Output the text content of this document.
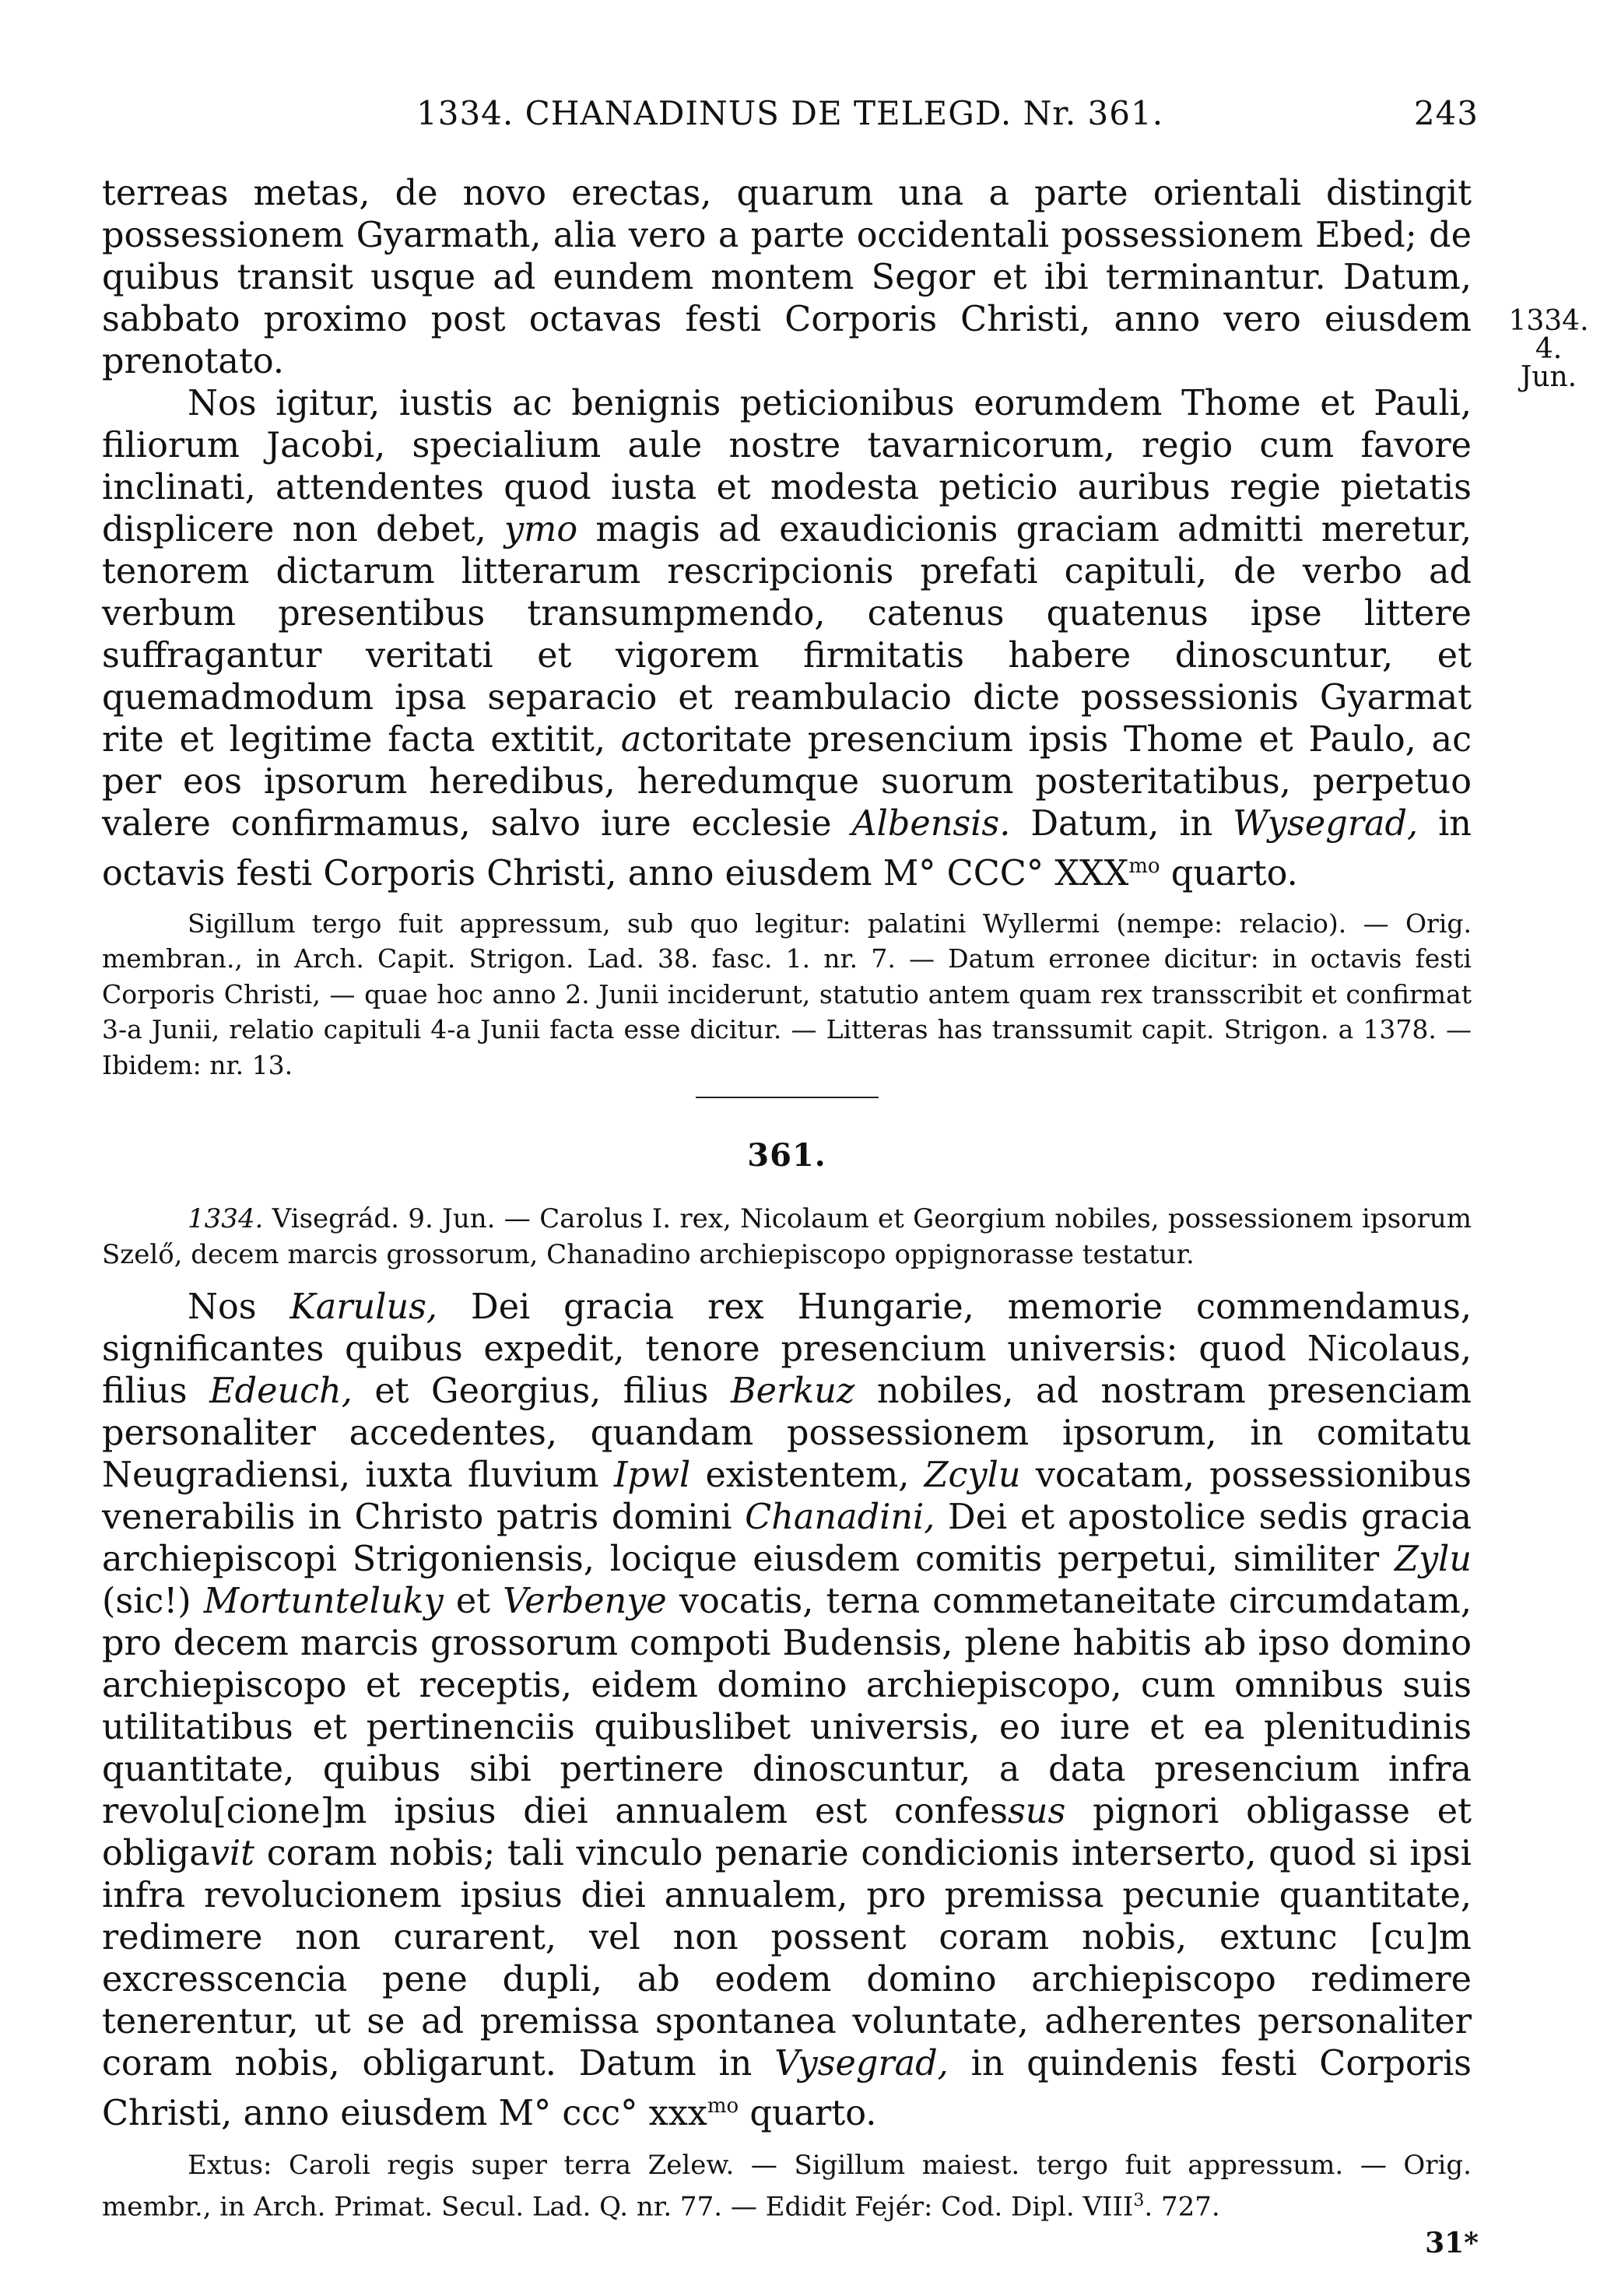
1334. CHANADINUS DE TELEGD. Nr. 361.	243
1334.
4. Jun.

terreas metas, de novo erectas, quarum una a parte orientali distingit possessionem Gyarmath, alia vero a parte occidentali possessionem Ebed; de quibus transit usque ad eundem montem Segor et ibi terminantur. Datum, sabbato proximo post octavas festi Corporis Christi, anno vero eiusdem prenotato.

Nos igitur, iustis ac benignis peticionibus eorumdem Thome et Pauli, filiorum Jacobi, specialium aule nostre tavarnicorum, regio cum favore inclinati, attendentes quod iusta et modesta peticio auribus regie pietatis displicere non debet, ymo magis ad exaudicionis graciam admitti meretur, tenorem dictarum litterarum rescripcionis prefati capituli, de verbo ad verbum presentibus transumpmendo, catenus quatenus ipse littere suffragantur veritati et vigorem firmitatis habere dinoscuntur, et quemadmodum ipsa separacio et reambulacio dicte possessionis Gyarmat rite et legitime facta extitit, actoritate presencium ipsis Thome et Paulo, ac per eos ipsorum heredibus, heredumque suorum posteritatibus, perpetuo valere confirmamus, salvo iure ecclesie Albensis. Datum, in Wysegrad, in octavis festi Corporis Christi, anno eiusdem M° CCC° $XXX^{mo}$ quarto.

Sigillum tergo fuit appressum, sub quo legitur: palatini Wyllermi (nempe: relacio). — Orig. membran., in Arch. Capit. Strigon. Lad. 38. fasc. 1. nr. 7. — Datum erronee dicitur: in octavis festi Corporis Christi, — quae hoc anno 2. Junii inciderunt, statutio antem quam rex transscribit et confirmat 3-a Junii, relatio capituli 4-a Junii facta esse dicitur. — Litteras has transsumit capit. Strigon. a 1378. — Ibidem: nr. 13.

361.

1334. Visegrád. 9. Jun. — Carolus I. rex, Nicolaum et Georgium nobiles, possessionem ipsorum Szelő, decem marcis grossorum, Chanadino archiepiscopo oppignorasse testatur.

Nos Karulus, Dei gracia rex Hungarie, memorie commendamus, significantes quibus expedit, tenore presencium universis: quod Nicolaus, filius Edeuch, et Georgius, filius Berkuz nobiles, ad nostram presenciam personaliter accedentes, quandam possessionem ipsorum, in comitatu Neugradiensi, iuxta fluvium Ipwl existentem, Zcylu vocatam, possessionibus venerabilis in Christo patris domini Chanadini, Dei et apostolice sedis gracia archiepiscopi Strigoniensis, locique eiusdem comitis perpetui, similiter Zylu (sic!) Mortunteluky et Verbenye vocatis, terna commetaneitate circumdatam, pro decem marcis grossorum compoti Budensis, plene habitis ab ipso domino archiepiscopo et receptis, eidem domino archiepiscopo, cum omnibus suis utilitatibus et pertinenciis quibuslibet universis, eo iure et ea plenitudinis quantitate, quibus sibi pertinere dinoscuntur, a data presencium infra revolu[cione]m ipsius diei annualem est confessus pignori obligasse et obligavit coram nobis; tali vinculo penarie condicionis interserto, quod si ipsi infra revolucionem ipsius diei annualem, pro premissa pecunie quantitate, redimere non curarent, vel non possent coram nobis, extunc [cu]m excresscencia pene dupli, ab eodem domino archiepiscopo redimere tenerentur, ut se ad premissa spontanea voluntate, adherentes personaliter coram nobis, obligarunt. Datum in Vysegrad, in quindenis festi Corporis Christi, anno eiusdem M° ccc° xxx$^{mo}$ quarto.

Extus: Caroli regis super terra Zelew. — Sigillum maiest. tergo fuit appressum. — Orig. membr., in Arch. Primat. Secul. Lad. Q. nr. 77. — Edidit Fejér: Cod. Dipl. VIII$^3$. 727.

31*
